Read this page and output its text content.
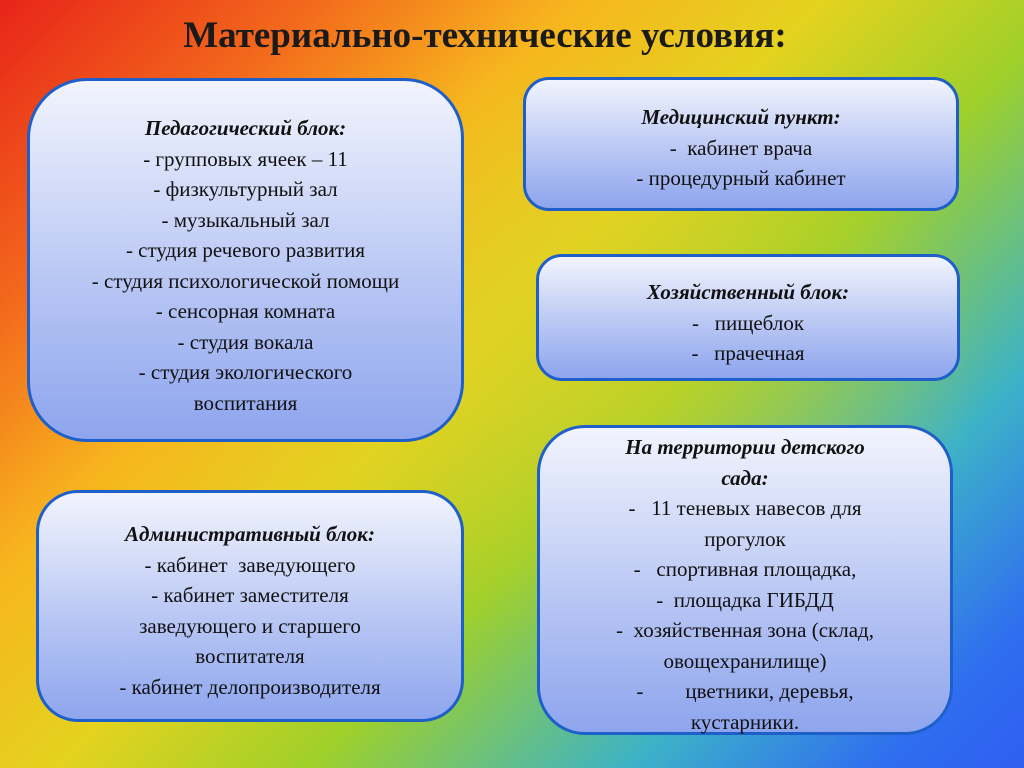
Материально-технические условия:
Педагогический блок:
- групповых ячеек – 11
- физкультурный зал
- музыкальный зал
- студия речевого развития
- студия психологической помощи
- сенсорная комната
- студия вокала
- студия экологического
воспитания
Административный блок:
- кабинет  заведующего
- кабинет заместителя
заведующего и старшего
воспитателя
- кабинет делопроизводителя
Медицинский пункт:
-  кабинет врача
- процедурный кабинет
Хозяйственный блок:
-   пищеблок
-   прачечная
На территории детского
сада:
-   11 теневых навесов для
прогулок
-   спортивная площадка,
-  площадка ГИБДД
-  хозяйственная зона (склад,
овощехранилище)
-        цветники, деревья,
кустарники.
